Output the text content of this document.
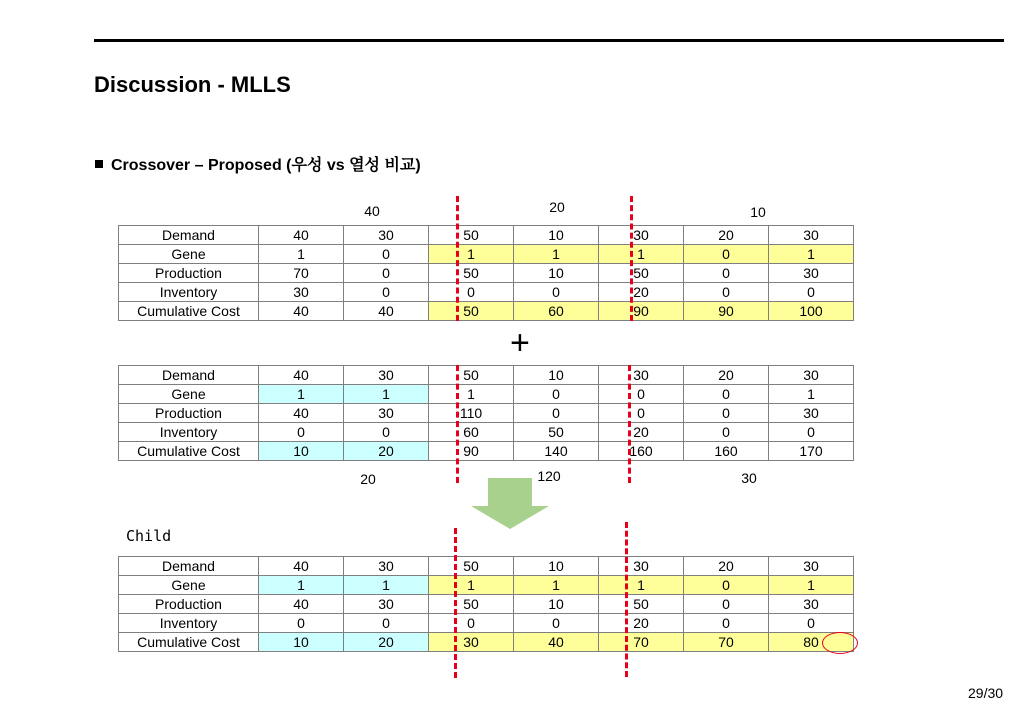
Discussion - MLLS
Crossover – Proposed (우성 vs 열성 비교)
40	20	10
Demand	40	30	50	10	30	20	30
Gene	1	0	1	1	1	0	1
Production	70	0	50	10	50	0	30
Inventory	30	0	0	0	20	0	0
Cumulative Cost	40	40	50	60	90	90	100
+
Demand	40	30	50	10	30	20	30
Gene	1	1	1	0	0	0	1
Production	40	30	110	0	0	0	30
Inventory	0	0	60	50	20	0	0
Cumulative Cost	10	20	90	140	160	160	170
20	120	30
Child
Demand	40	30	50	10	30	20	30
Gene	1	1	1	1	1	0	1
Production	40	30	50	10	50	0	30
Inventory	0	0	0	0	20	0	0
Cumulative Cost	10	20	30	40	70	70	80
29/30
